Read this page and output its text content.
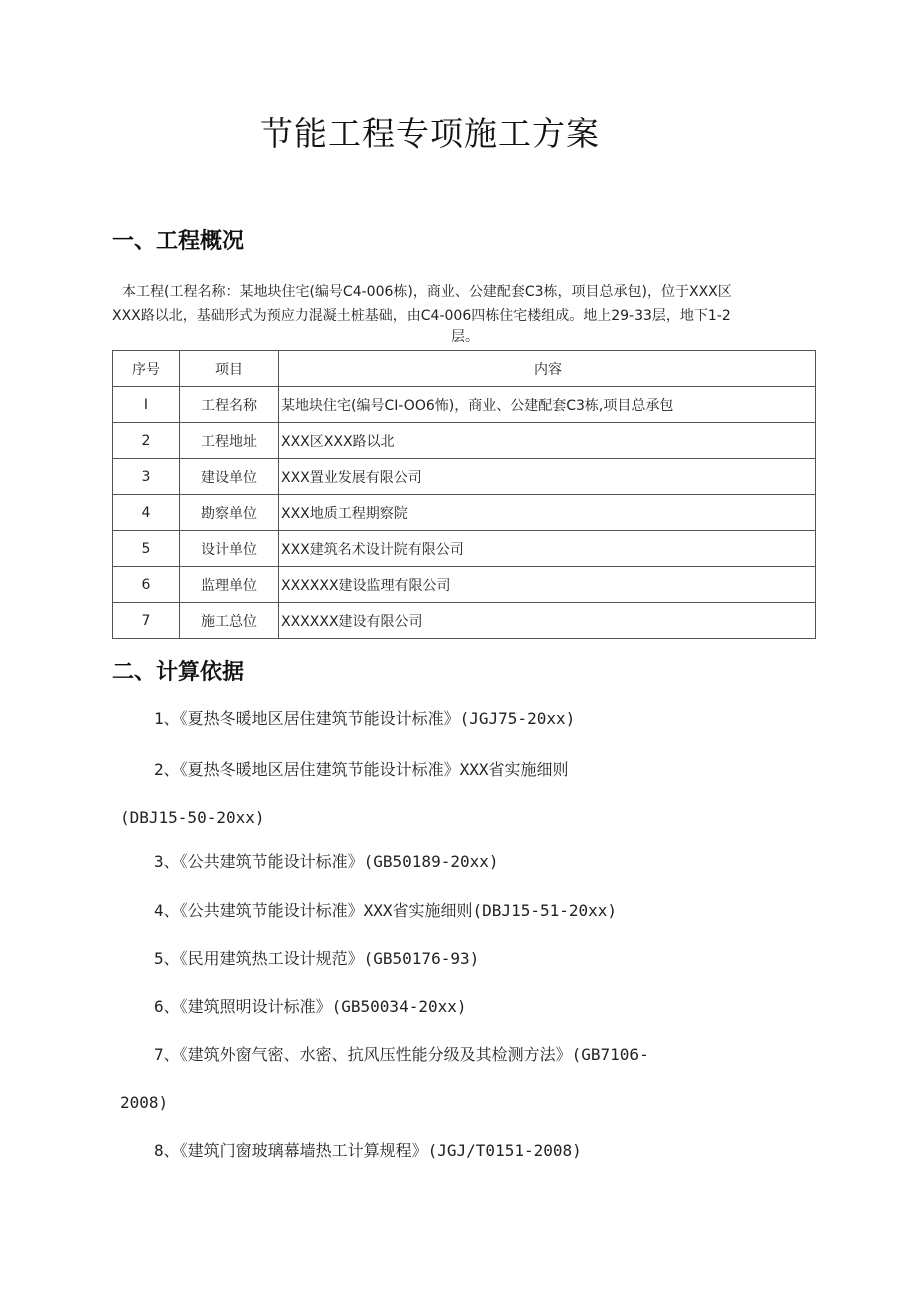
节能工程专项施工方案
一、工程概况

本工程(工程名称：某地块住宅(编号C4-006栋)，商业、公建配套C3栋，项目总承包)，位于XXX区

XXX路以北，基础形式为预应力混凝土桩基础，由C4-006四栋住宅楼组成。地上29-33层，地下1-2

层。

序号	项目	内容
I	工程名称	某地块住宅(编号CI-OO6怖)，商业、公建配套C3栋,项目总承包
2	工程地址	XXX区XXX路以北
3	建设单位	XXX置业发展有限公司
4	勘察单位	XXX地质工程期察院
5	设计单位	XXX建筑名术设计院有限公司
6	监理单位	XXXXXX建设监理有限公司
7	施工总位	XXXXXX建设有限公司
二、计算依据
1、《夏热冬暖地区居住建筑节能设计标准》(JGJ75-20xx)
2、《夏热冬暖地区居住建筑节能设计标准》XXX省实施细则
(DBJ15-50-20xx)
3、《公共建筑节能设计标准》(GB50189-20xx)
4、《公共建筑节能设计标准》XXX省实施细则(DBJ15-51-20xx)
5、《民用建筑热工设计规范》(GB50176-93)
6、《建筑照明设计标准》(GB50034-20xx)
7、《建筑外窗气密、水密、抗风压性能分级及其检测方法》(GB7106-
2008)
8、《建筑门窗玻璃幕墙热工计算规程》(JGJ/T0151-2008)
